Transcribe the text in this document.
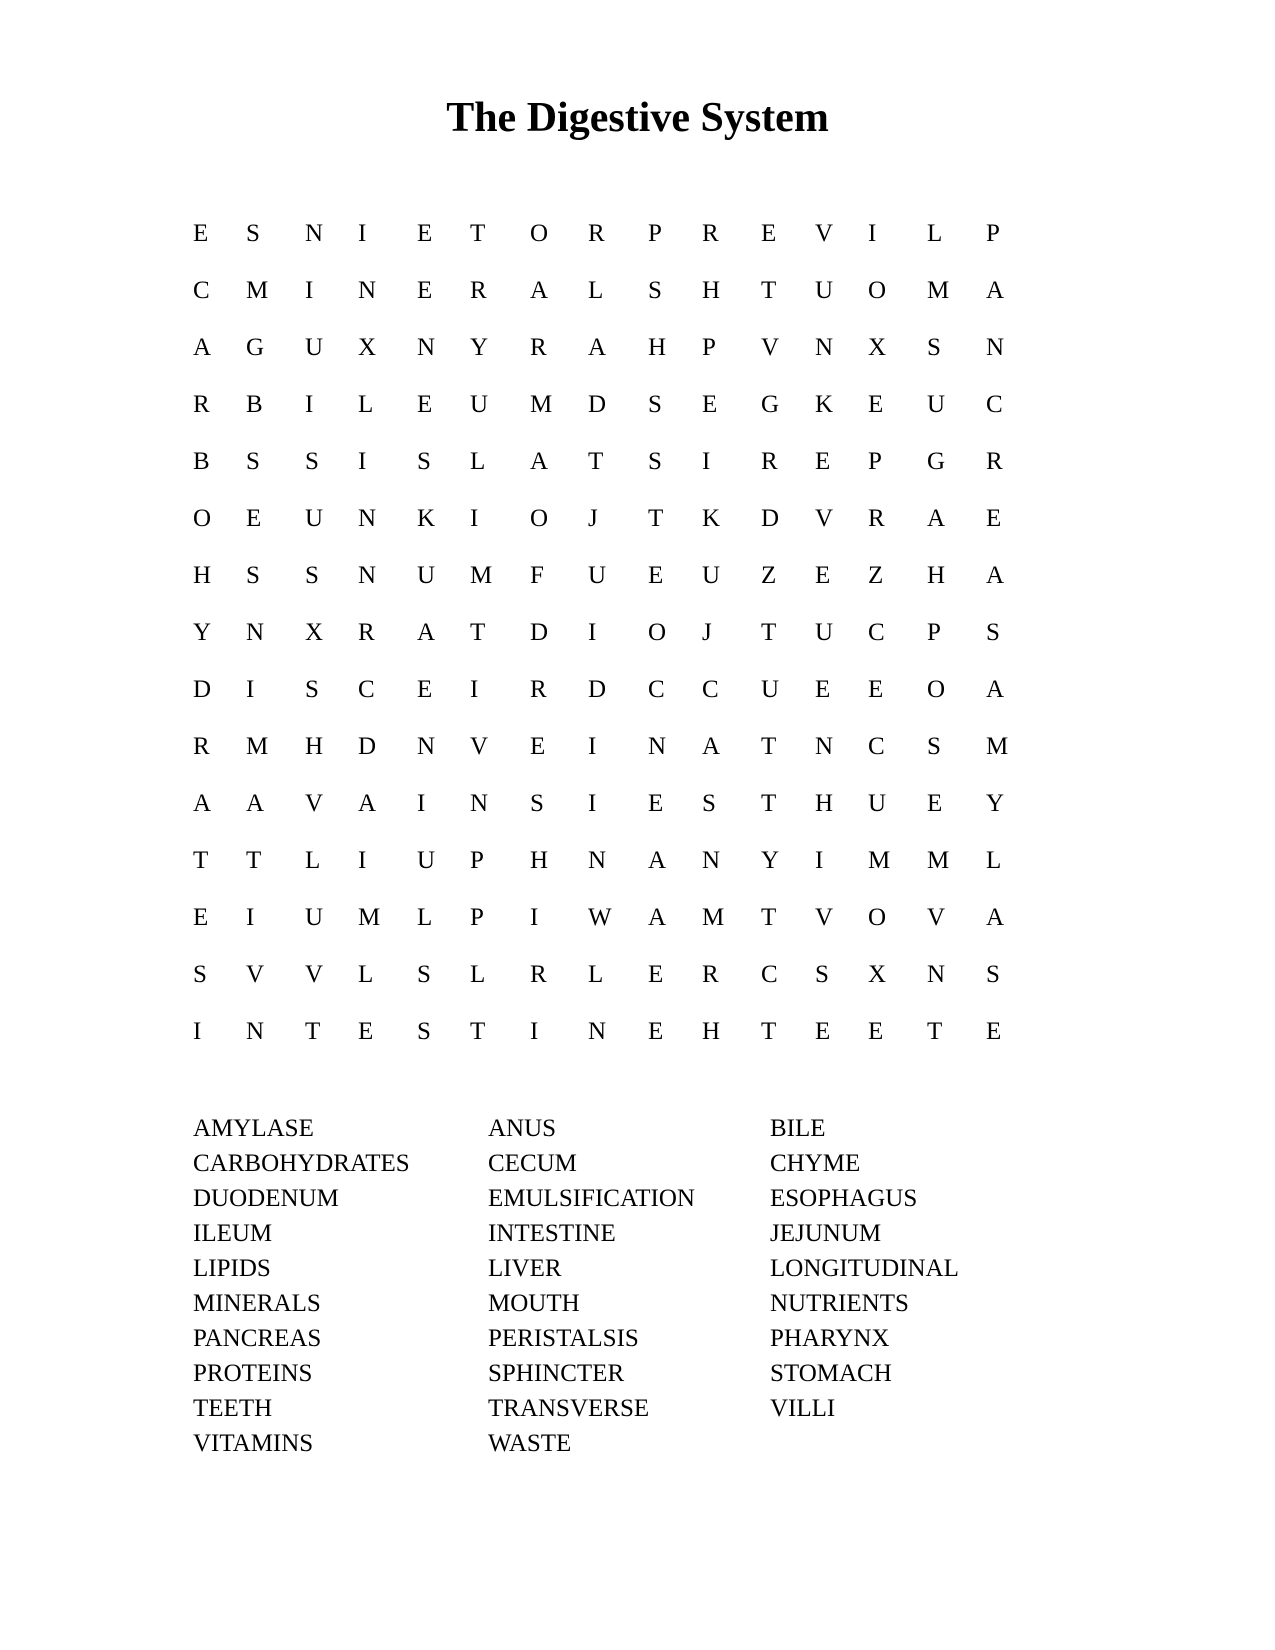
The Digestive System
E	S	N	I	E	T	O	R	P	R	E	V	I	L	P
C	M	I	N	E	R	A	L	S	H	T	U	O	M	A
A	G	U	X	N	Y	R	A	H	P	V	N	X	S	N
R	B	I	L	E	U	M	D	S	E	G	K	E	U	C
B	S	S	I	S	L	A	T	S	I	R	E	P	G	R
O	E	U	N	K	I	O	J	T	K	D	V	R	A	E
H	S	S	N	U	M	F	U	E	U	Z	E	Z	H	A
Y	N	X	R	A	T	D	I	O	J	T	U	C	P	S
D	I	S	C	E	I	R	D	C	C	U	E	E	O	A
R	M	H	D	N	V	E	I	N	A	T	N	C	S	M
A	A	V	A	I	N	S	I	E	S	T	H	U	E	Y
T	T	L	I	U	P	H	N	A	N	Y	I	M	M	L
E	I	U	M	L	P	I	W	A	M	T	V	O	V	A
S	V	V	L	S	L	R	L	E	R	C	S	X	N	S
I	N	T	E	S	T	I	N	E	H	T	E	E	T	E
AMYLASE
CARBOHYDRATES
DUODENUM
ILEUM
LIPIDS
MINERALS
PANCREAS
PROTEINS
TEETH
VITAMINS
ANUS
CECUM
EMULSIFICATION
INTESTINE
LIVER
MOUTH
PERISTALSIS
SPHINCTER
TRANSVERSE
WASTE
BILE
CHYME
ESOPHAGUS
JEJUNUM
LONGITUDINAL
NUTRIENTS
PHARYNX
STOMACH
VILLI
